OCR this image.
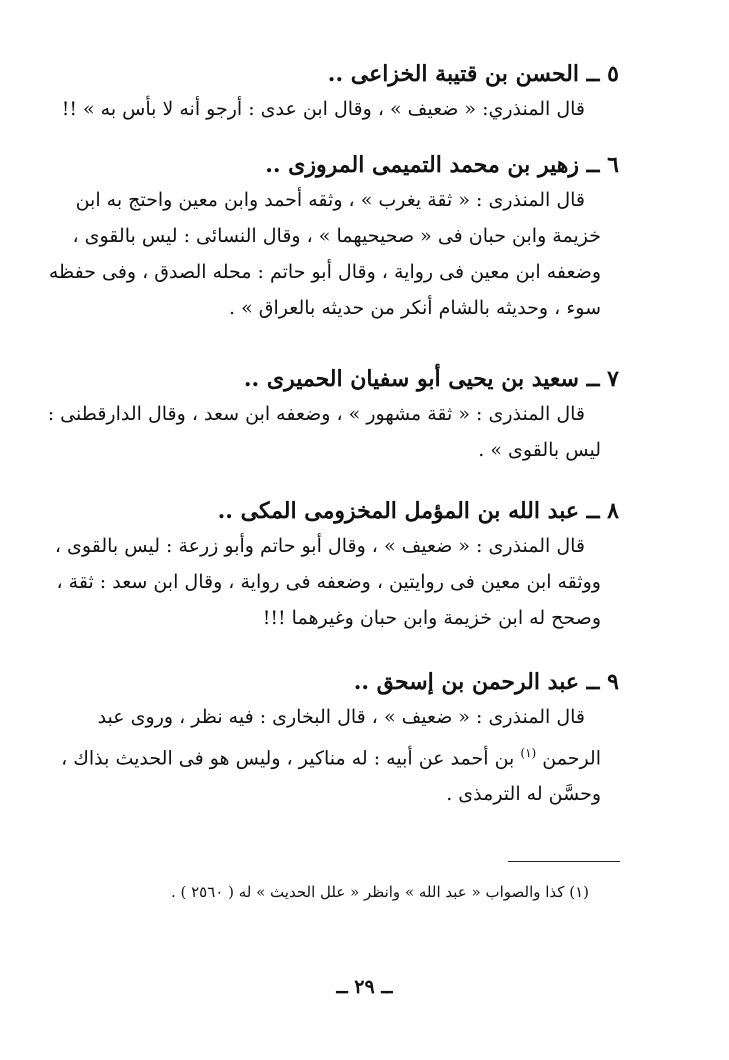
٥ ــ الحسن بن قتيبة الخزاعى ..

قال المنذري: « ضعيف » ، وقال ابن عدى : أرجو أنه لا بأس به » !!

٦ ــ زهير بن محمد التميمى المروزى ..

قال المنذرى : « ثقة يغرب » ، وثقه أحمد وابن معين واحتج به ابن
خزيمة وابن حبان فى « صحيحيهما » ، وقال النسائى : ليس بالقوى ،
وضعفه ابن معين فى رواية ، وقال أبو حاتم : محله الصدق ، وفى حفظه
سوء ، وحديثه بالشام أنكر من حديثه بالعراق » .

٧ ــ سعيد بن يحيى أبو سفيان الحميرى ..

قال المنذرى : « ثقة مشهور » ، وضعفه ابن سعد ، وقال الدارقطنى :
ليس بالقوى » .

٨ ــ عبد الله بن المؤمل المخزومى المكى ..

قال المنذرى : « ضعيف » ، وقال أبو حاتم وأبو زرعة : ليس بالقوى ،
ووثقه ابن معين فى روايتين ، وضعفه فى رواية ، وقال ابن سعد : ثقة ،
وصحح له ابن خزيمة وابن حبان وغيرهما !!!

٩ ــ عبد الرحمن بن إسحق ..

قال المنذرى : « ضعيف » ، قال البخارى : فيه نظر ، وروى عبد
الرحمن $^{(١)}$ بن أحمد عن أبيه : له مناكير ، وليس هو فى الحديث بذاك ،
وحسَّن له الترمذى .

(١) كذا والصواب « عبد الله » وانظر « علل الحديث » له ( ٢٥٦٠ ) .
ــ ٢٩ ــ
